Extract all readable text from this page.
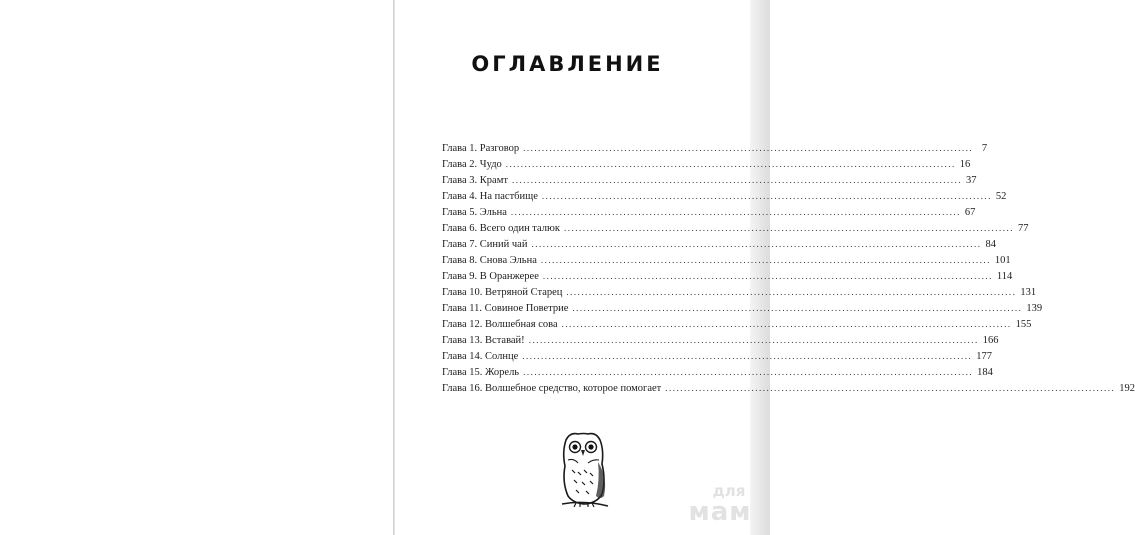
ОГЛАВЛЕНИЕ
Глава 1. Разговор ........................................................................................................................ 7
Глава 2. Чудо ........................................................................................................................ 16
Глава 3. Крамт ........................................................................................................................ 37
Глава 4. На пастбище ........................................................................................................................ 52
Глава 5. Эльна ........................................................................................................................ 67
Глава 6. Всего один талюк ........................................................................................................................ 77
Глава 7. Синий чай ........................................................................................................................ 84
Глава 8. Снова Эльна ........................................................................................................................ 101
Глава 9. В Оранжерее ........................................................................................................................ 114
Глава 10. Ветряной Старец ........................................................................................................................ 131
Глава 11. Совиное Поветрие ........................................................................................................................ 139
Глава 12. Волшебная сова ........................................................................................................................ 155
Глава 13. Вставай! ........................................................................................................................ 166
Глава 14. Солнце ........................................................................................................................ 177
Глава 15. Жорель ........................................................................................................................ 184
Глава 16. Волшебное средство, которое помогает ........................................................................................................................ 192
для
мам
